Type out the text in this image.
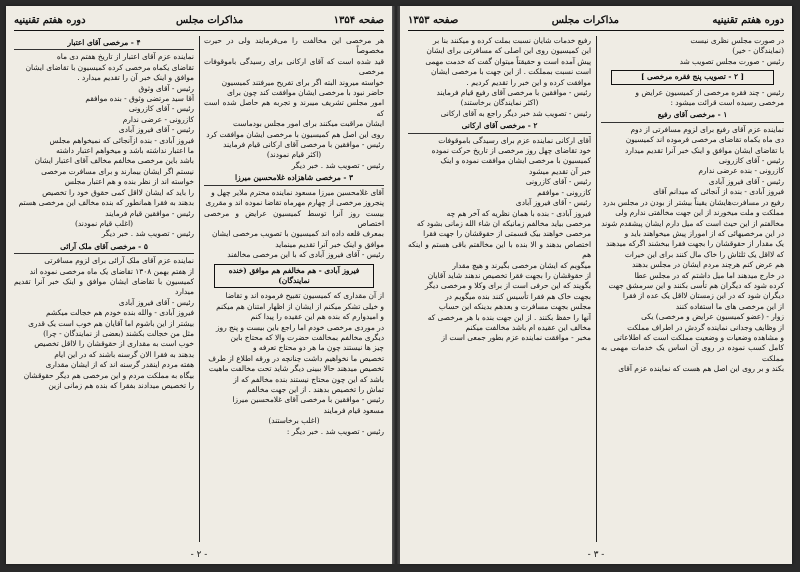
صفحه ۱۳۵۴
مذاکرات مجلس
دوره هفتم تقنینیه
هر مرخصی این مخالفت را می‌فرمایند ولی در حیرت مخصوصاً
قید شده است که آقای ارکانی برای رسیدگی باموقوفات مرخصی
خواسته میروند البته اگر برای تفریح میرفتند کمیسیون
حاضر نبود با مرخصی ایشان موافقت کند چون برای
امور مجلس تشریف میبرند و تجربه هم حاصل شده است که
ایشان مراقبت میکنند برای امور مجلس بودماست
روی این اصل هم کمیسیون با مرخصی ایشان موافقت کرد
رئیس - موافقین با مرخصی آقای ارکانی قیام فرمایند
(اکثر قیام نمودند)
رئیس - تصویب شد . خبر دیگر
۳ - مرخصی شاهزاده غلامحسین میرزا
آقای غلامحسین میرزا مسعود نماینده محترم ملایر چهل و
پنجروز مرخصی از چهارم مهرماه تقاضا نموده اند و مقرری
بیست روز آنرا توسط کمیسیون عرایض و مرخصی اختصاص
بمعرف قلعه داده اند کمیسیون با تصویب مرخصی ایشان
موافق و اینک خبر آنرا تقدیم مینماید
رئیس - آقای فیروز آبادی که با این مرخصی مخالفند
فیروز آبادی - هم مخالفم هم موافق (خنده نمایندگان)
از آن مقداری که کمیسیون تقبیح فرموده اند و تقاضا
و خیلی تشکر میکنم از ایشان از اظهار امتنان هم میکنم
و امیدوارم که بنده هم این عقیده را پیدا کنم
در موردی مرخصی خودم اما راجع باین بیست و پنج روز
دیگری مخالفم بمخالفت حضرت والا که محتاج باین
چیز ها نیستند چون ما هر دو محتاج تعرفه و
تخصیص ما نخواهیم داشت چنانچه در ورقه اطلاع از طرف
تخصیص میدهند حالا ببینی دیگر شاید تحت مخالفت ماهیت
باشد که این چون محتاج نیستند بنده مخالفم که از
تماش را تخصیص بدهند . از این جهت مخالفم
رئیس - موافقین با مرخصی آقای غلامحسین میرزا
مسعود قیام فرمایند
(اغلب برخاستند)
رئیس - تصویب شد . خبر دیگر :
۴ - مرخصی آقای اعتبار
نماینده عزم آقای اعتبار از تاریخ هفتم دی ماه
تقاضای یکماه مرخصی کرده کمیسیون با تقاضای ایشان
موافق و اینک خبر آن را تقدیم میدارد .
رئیس - آقای وثوق
آقا سید مرتضی وثوق - بنده موافقم
رئیس - آقای کازرونی
کازرونی - عرضی ندارم
رئیس - آقای فیروز آبادی
فیروز آبادی - بنده ازآنجائی که نمیخواهم مجلس
ما اعتبار نداشته باشد و میخواهم اعتبار داشته
باشد باین مرخصی مخالفم مخالف آقای اعتبار ایشان
نیستم اگر ایشان بیمارند و برای مسافرت مرخصی
خواسته اند از نظر بنده و هم اعتبار مجلس
را باید که ایشان لااقل کمی حقوق خود را تخصیص
بدهند به فقرا همانطور که بنده مخالف این مرخصی هستم
رئیس - موافقین قیام فرمایند
(اغلب قیام نمودند)
رئیس - تصویب شد . خبر دیگر
۵ - مرخصی آقای ملک آرائی
نماینده عزم آقای ملک آرائی برای لزوم مسافرتی
از هفتم بهمن ۱۳۰۸ تقاضای یک ماه مرخصی نموده اند
کمیسیون با تقاضای ایشان موافق و اینک خبر آنرا تقدیم میدارد
رئیس - آقای فیروز آبادی
فیروز آبادی - والله بنده خودم هم خجالت میکشم
بیشتر از این باشوم اما آقایان هم خوب است یک قدری
مثل من خجالت بکشند (بعضی از نمایندگان - چرا)
خوب است به مقداری از حقوقشان را لااقل تخصیص
بدهند به فقرا الان گرسنه باشند که در این ایام
هفته مردم اینقدر گرسنه اند که از ایشان مقداری
بیگاه به مملکت مردم و این مرخصی هم دیگر حقوقشان
را تخصیص میدادند بفقرا که بنده هم زمانی ازین
- ۲ -
دوره هفتم تقنینیه
مذاکرات مجلس
صفحه ۱۳۵۳
در صورت مجلس نظری نیست
(نمایندگان - خیر)
رئیس - صورت مجلس تصویب شد
[ ۲ - تصویب پنج فقره مرخصی ]
رئیس - چند فقره مرخصی از کمیسیون عرایض و
مرخصی رسیده است قرائت میشود :
۱ - مرخصی آقای رفیع
نماینده عزم آقای رفیع برای لزوم مسافرتی از دوم
دی ماه یکماه تقاضای مرخصی فرموده اند کمیسیون
با تقاضای ایشان موافق و اینک خبر آنرا تقدیم میدارد
رئیس - آقای کازرونی
کازرونی - بنده عرضی ندارم
رئیس - آقای فیروز آبادی
فیروز آبادی - بنده از آنجائی که میدانم آقای
رفیع در مسافرت‌هایشان یقیناً بیشتر از بودن در مجلس بدرد
مملکت و ملت میخورند از این جهت مخالفتی ندارم ولی
مخالفتم از این حیث است که میل دارم ایشان پیشقدم شوند
در این مرخصیهائی که از اموراز پیش میخواهند باید و
یک مقدار از حقوقشان را بجهت فقرا ببخشند اگرکه میدهند
که لااقل یک ثلثاش را خاک مال کنند برای این خیرات
هم عرض کنم هرچند مردم ایشان در مجلس بدهند
در خارج میدهند اما میل داشتم که در مجلس عطا
کرده شود که دیگران هم تأسی بکنند و این سرمشق جهت
دیگران شود که در این زمستان لااقل یک عده از فقرا
از این مرخصی های ما استفاده کنند
زوار - (عضو کمیسیون عرایض و مرخصی) یکی
از وظایف وجدانی نماینده گردش در اطراف مملکت
و مشاهده وضعیات و وضعیت مملکت است که اطلاعاتی
کامل کسب نموده در روی آن اساس یک خدمات مهمی به مملکت
بکند و بر روی این اصل هم هست که نماینده عزم آقای
رفیع خدمات شایان نسبت بملت کرده و میکنند بنا بر
این کمیسیون روی این اصلی که مسافرتی برای ایشان
پیش آمده است و حقیقتاً میتوان گفت که خدمت مهمی
است نسبت بمملکت . از این جهت با مرخصی ایشان
موافقت کرده و این خبر را تقدیم کردیم .
رئیس - موافقین با مرخصی آقای رفیع قیام فرمایند
(اکثر نمایندگان برخاستند)
رئیس - تصویب شد خبر دیگر راجع به آقای ارکانی
۲ - مرخصی آقای ارکانی
آقای ارکانی نماینده عزم برای رسیدگی باموقوفات
خود تقاضای چهل روز مرخصی از تاریخ حرکت نموده
کمیسیون با مرخصی ایشان موافقت نموده و اینک
خبر آن تقدیم میشود
رئیس - آقای کازرونی
کازرونی - موافقم
رئیس - آقای فیروز آبادی
فیروز آبادی - بنده با همان نظریه که آخر هم چه
مرخصی بیاید مخالفم زمانیکه ان شاء الله زمانی بشود که
مرخصی خواهند بیک قسمتی از حقوقشان را جهت فقرا
اختصاص بدهند و الا بنده با این مخالفتم باقی هستم و اینکه هم
میگویم که ایشان مرخصی بگیرند و هیچ مقدار
از حقوقشان را بجهت فقرا تخصیص ندهند شاید آقایان
بگویند که این حرفی است از برای وکلا و مرخصی دیگر
بجهت خاک هم فقرا تأسیس کنند بنده میگویم در
مجلس بجهت مسافرت و بعدهم بدینکه این حساب
آنها را حفظ بکنند . از این جهت بنده با هر مرخصی که
مخالف این عقیده ام باشد مخالفت میکنم
مخبر - موافقت نماینده عزم بطور جمعی است از
- ۳ -
